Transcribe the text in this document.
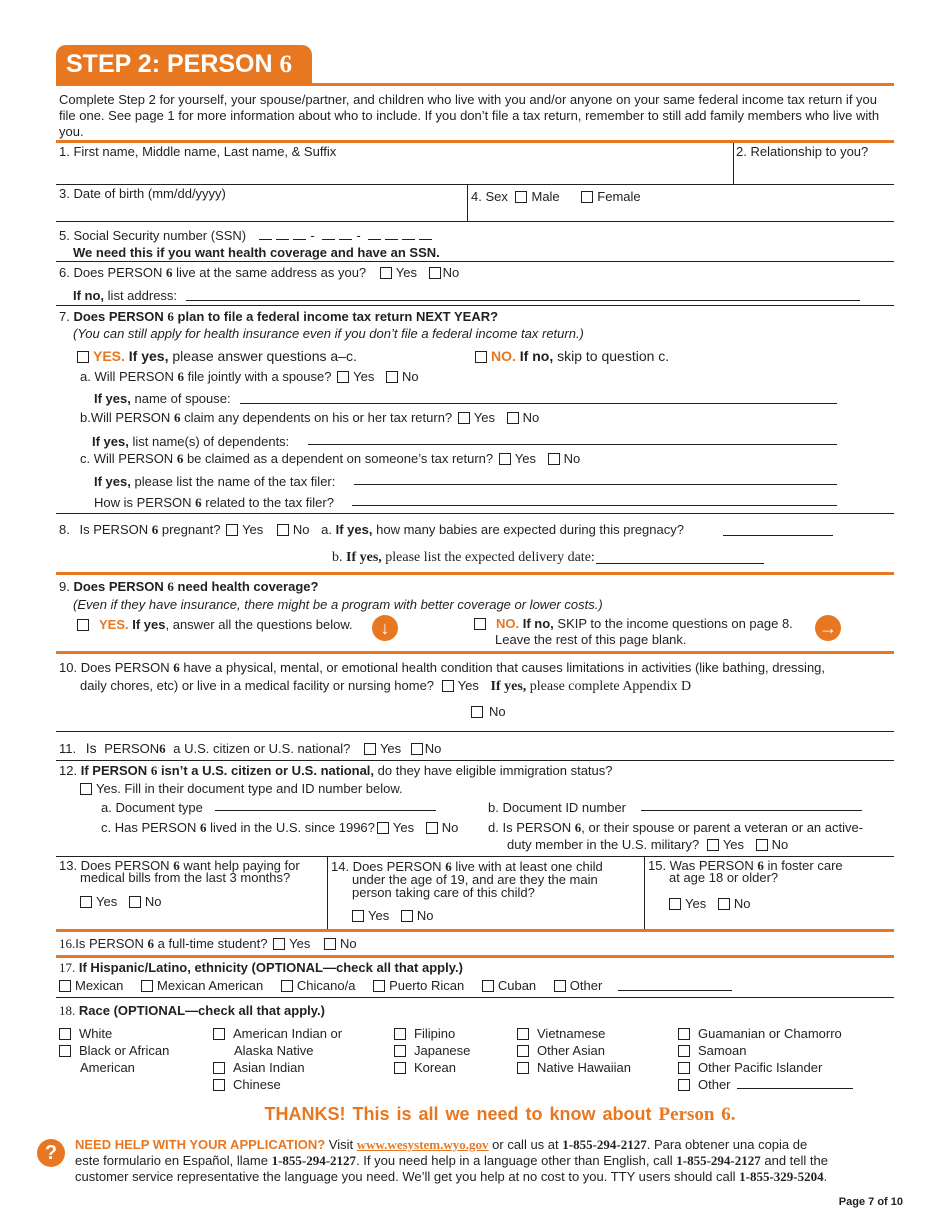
STEP 2: PERSON 6
Complete Step 2 for yourself, your spouse/partner, and children who live with you and/or anyone on your same federal income tax return if you file one. See page 1 for more information about who to include. If you don’t file a tax return, remember to still add family members who live with you.
1. First name, Middle name, Last name, & Suffix	2. Relationship to you?
3. Date of birth (mm/dd/yyyy)	4. Sex Male	Female
5. Social Security number (SSN)	-	-
We need this if you want health coverage and have an SSN.
6. Does PERSON 6 live at the same address as you? Yes No
If no, list address:
7. Does PERSON 6 plan to file a federal income tax return NEXT YEAR?
(You can still apply for health insurance even if you don’t file a federal income tax return.)
YES. If yes, please answer questions a–c.	NO. If no, skip to question c.
a. Will PERSON 6 file jointly with a spouse? Yes No
If yes, name of spouse:
b.Will PERSON 6 claim any dependents on his or her tax return? Yes No
If yes, list name(s) of dependents:
c. Will PERSON 6 be claimed as a dependent on someone’s tax return? Yes No
If yes, please list the name of the tax filer:
How is PERSON 6 related to the tax filer?
8. Is PERSON 6 pregnant? Yes No a. If yes, how many babies are expected during this pregnacy?
b. If yes, please list the expected delivery date:
9. Does PERSON 6 need health coverage?
(Even if they have insurance, there might be a program with better coverage or lower costs.)
YES. If yes, answer all the questions below.	↓	NO. If no, SKIP to the income questions on page 8.
Leave the rest of this page blank.
→
10. Does PERSON 6 have a physical, mental, or emotional health condition that causes limitations in activities (like bathing, dressing,
daily chores, etc) or live in a medical facility or nursing home? Yes If yes, please complete Appendix D
No
11. Is PERSON6 a U.S. citizen or U.S. national? Yes No
12. If PERSON 6 isn’t a U.S. citizen or U.S. national, do they have eligible immigration status?
Yes. Fill in their document type and ID number below.
a. Document type	b. Document ID number
c. Has PERSON 6 lived in the U.S. since 1996? Yes No d. Is PERSON 6, or their spouse or parent a veteran or an active-
duty member in the U.S. military? Yes No
13. Does PERSON 6 want help paying for
medical bills from the last 3 months?
Yes No
14. Does PERSON 6 live with at least one child
under the age of 19, and are they the main
person taking care of this child?
Yes No
15. Was PERSON 6 in foster care
at age 18 or older?
Yes No
16.Is PERSON 6 a full-time student? Yes No
17. If Hispanic/Latino, ethnicity (OPTIONAL—check all that apply.)
Mexican	Mexican American	Chicano/a	Puerto Rican	Cuban	Other
18. Race (OPTIONAL—check all that apply.)
White
Black or African
American
American Indian or
Alaska Native
Asian Indian
Chinese
Filipino
Japanese
Korean
Vietnamese
Other Asian
Native Hawaiian
Guamanian or Chamorro
Samoan
Other Pacific Islander
Other
THANKS! This is all we need to know about Person 6.
?	NEED HELP WITH YOUR APPLICATION? Visit www.wesystem.wyo.gov or call us at 1-855-294-2127. Para obtener una copia de
este formulario en Español, llame 1-855-294-2127. If you need help in a language other than English, call 1-855-294-2127 and tell the
customer service representative the language you need. We’ll get you help at no cost to you. TTY users should call 1-855-329-5204.
Page 7 of 10
